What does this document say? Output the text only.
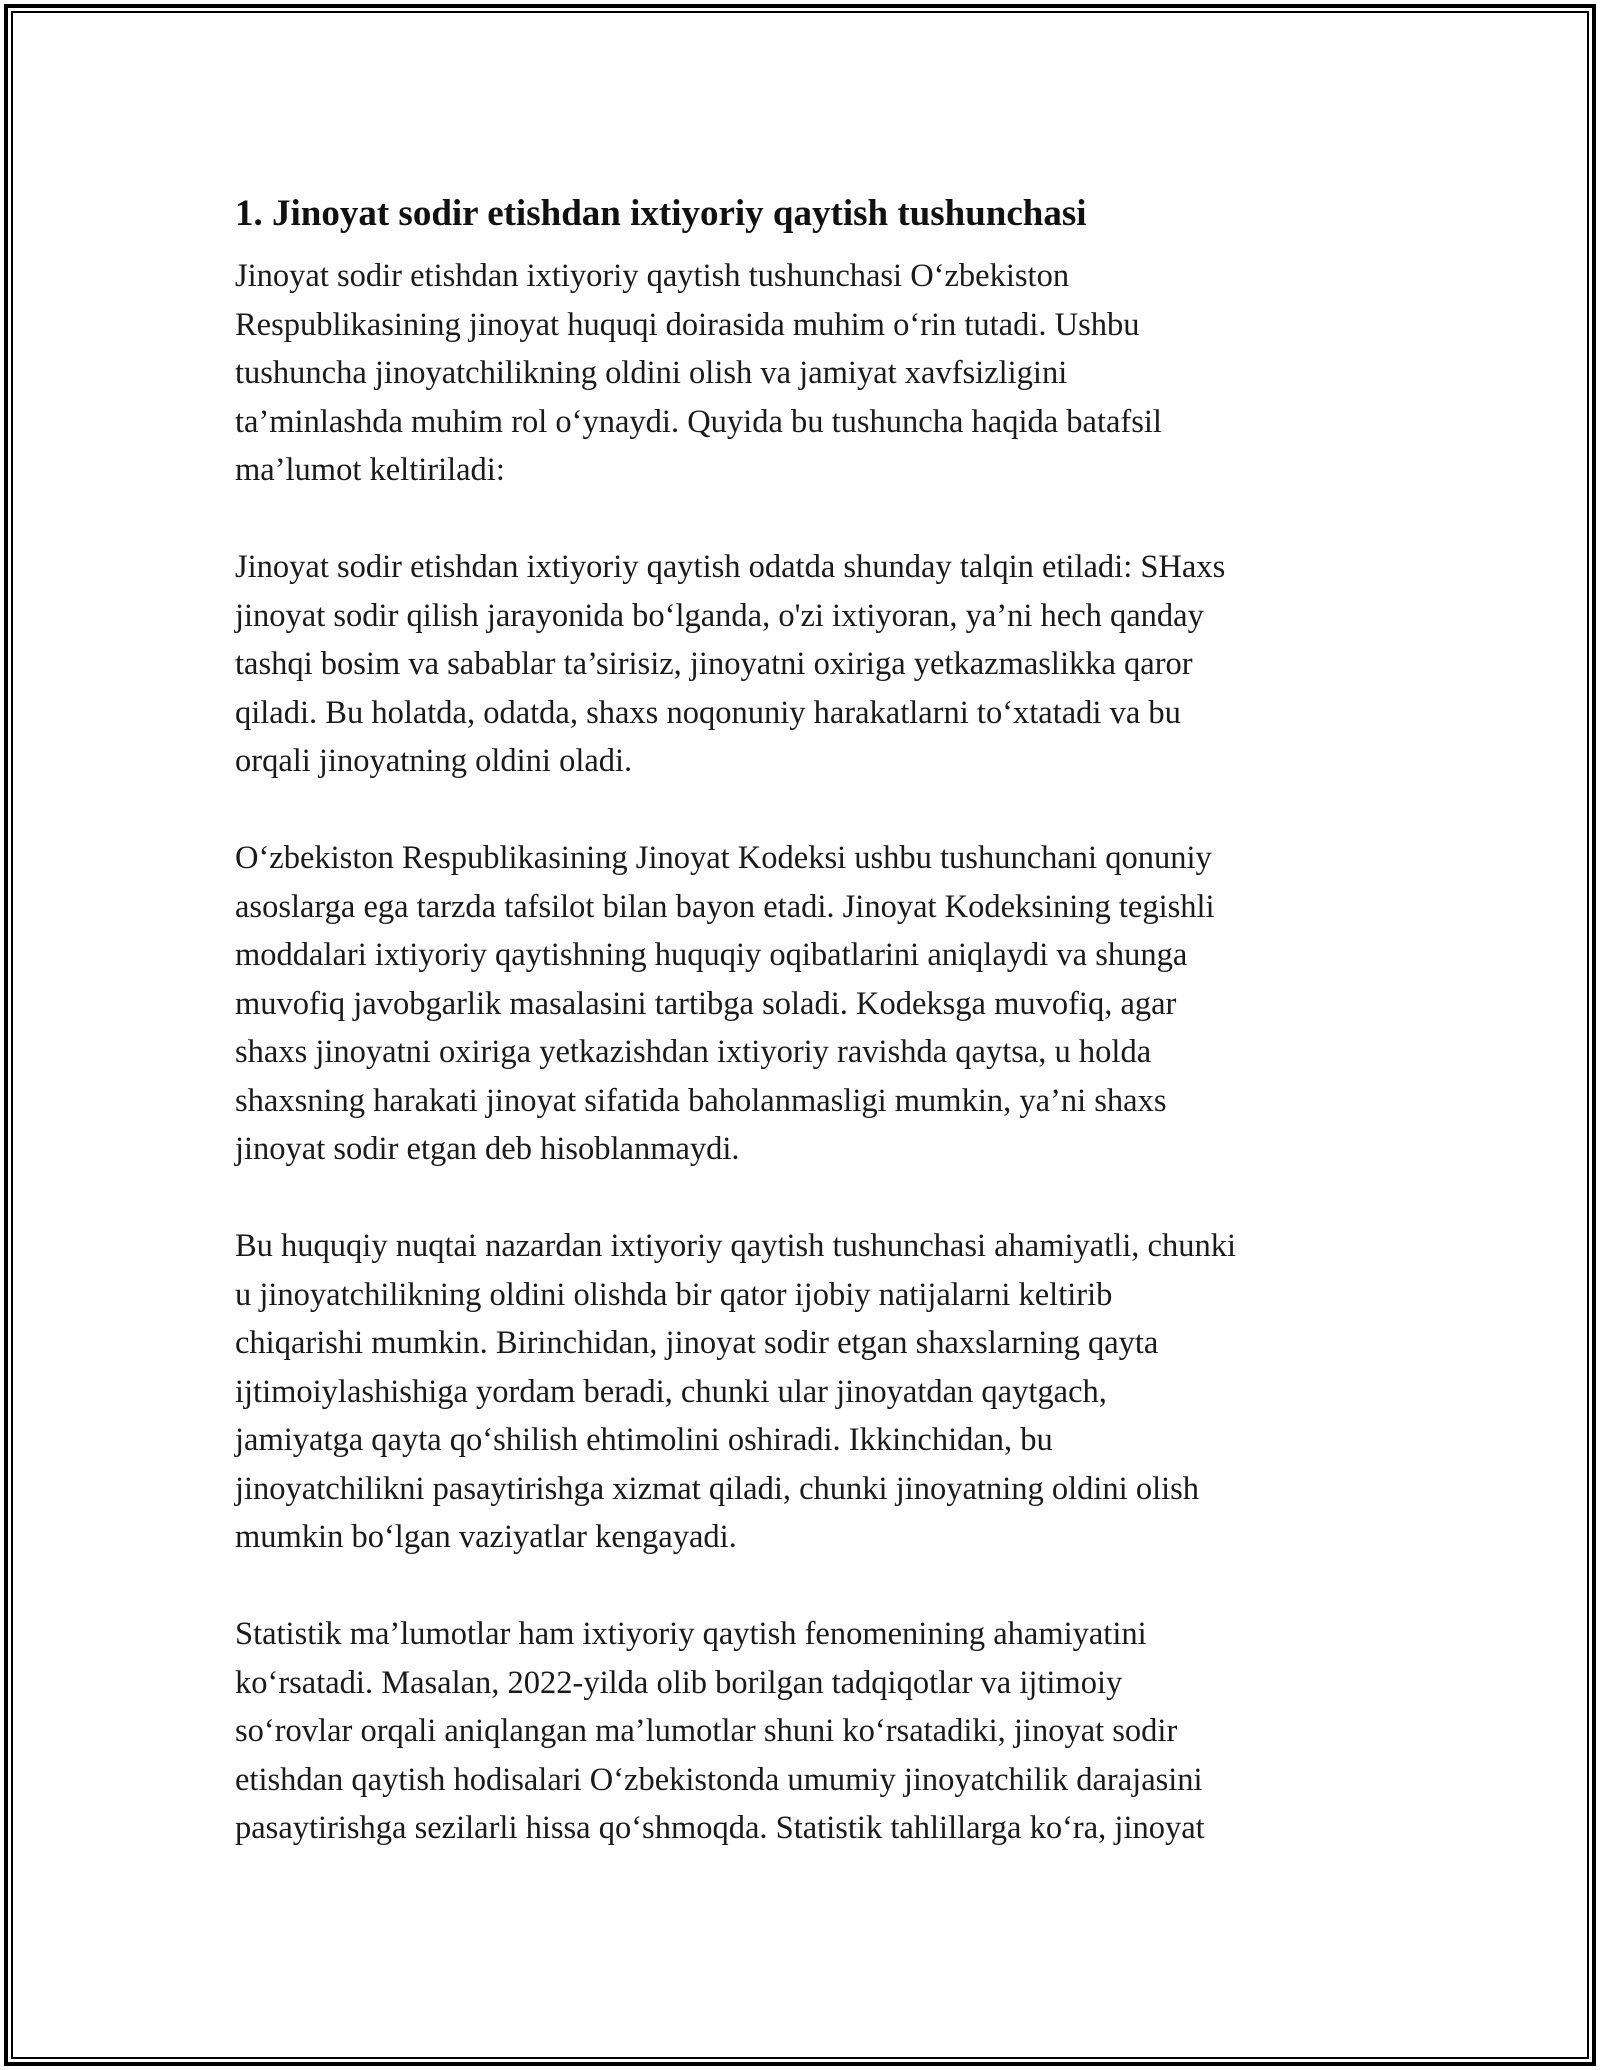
1. Jinoyat sodir etishdan ixtiyoriy qaytish tushunchasi

Jinoyat sodir etishdan ixtiyoriy qaytish tushunchasi O‘zbekiston
Respublikasining jinoyat huquqi doirasida muhim o‘rin tutadi. Ushbu
tushuncha jinoyatchilikning oldini olish va jamiyat xavfsizligini
ta’minlashda muhim rol o‘ynaydi. Quyida bu tushuncha haqida batafsil
ma’lumot keltiriladi:

Jinoyat sodir etishdan ixtiyoriy qaytish odatda shunday talqin etiladi: SHaxs
jinoyat sodir qilish jarayonida bo‘lganda, o'zi ixtiyoran, ya’ni hech qanday
tashqi bosim va sabablar ta’sirisiz, jinoyatni oxiriga yetkazmaslikka qaror
qiladi. Bu holatda, odatda, shaxs noqonuniy harakatlarni to‘xtatadi va bu
orqali jinoyatning oldini oladi.

O‘zbekiston Respublikasining Jinoyat Kodeksi ushbu tushunchani qonuniy
asoslarga ega tarzda tafsilot bilan bayon etadi. Jinoyat Kodeksining tegishli
moddalari ixtiyoriy qaytishning huquqiy oqibatlarini aniqlaydi va shunga
muvofiq javobgarlik masalasini tartibga soladi. Kodeksga muvofiq, agar
shaxs jinoyatni oxiriga yetkazishdan ixtiyoriy ravishda qaytsa, u holda
shaxsning harakati jinoyat sifatida baholanmasligi mumkin, ya’ni shaxs
jinoyat sodir etgan deb hisoblanmaydi.

Bu huquqiy nuqtai nazardan ixtiyoriy qaytish tushunchasi ahamiyatli, chunki
u jinoyatchilikning oldini olishda bir qator ijobiy natijalarni keltirib
chiqarishi mumkin. Birinchidan, jinoyat sodir etgan shaxslarning qayta
ijtimoiylashishiga yordam beradi, chunki ular jinoyatdan qaytgach,
jamiyatga qayta qo‘shilish ehtimolini oshiradi. Ikkinchidan, bu
jinoyatchilikni pasaytirishga xizmat qiladi, chunki jinoyatning oldini olish
mumkin bo‘lgan vaziyatlar kengayadi.

Statistik ma’lumotlar ham ixtiyoriy qaytish fenomenining ahamiyatini
ko‘rsatadi. Masalan, 2022-yilda olib borilgan tadqiqotlar va ijtimoiy
so‘rovlar orqali aniqlangan ma’lumotlar shuni ko‘rsatadiki, jinoyat sodir
etishdan qaytish hodisalari O‘zbekistonda umumiy jinoyatchilik darajasini
pasaytirishga sezilarli hissa qo‘shmoqda. Statistik tahlillarga ko‘ra, jinoyat
